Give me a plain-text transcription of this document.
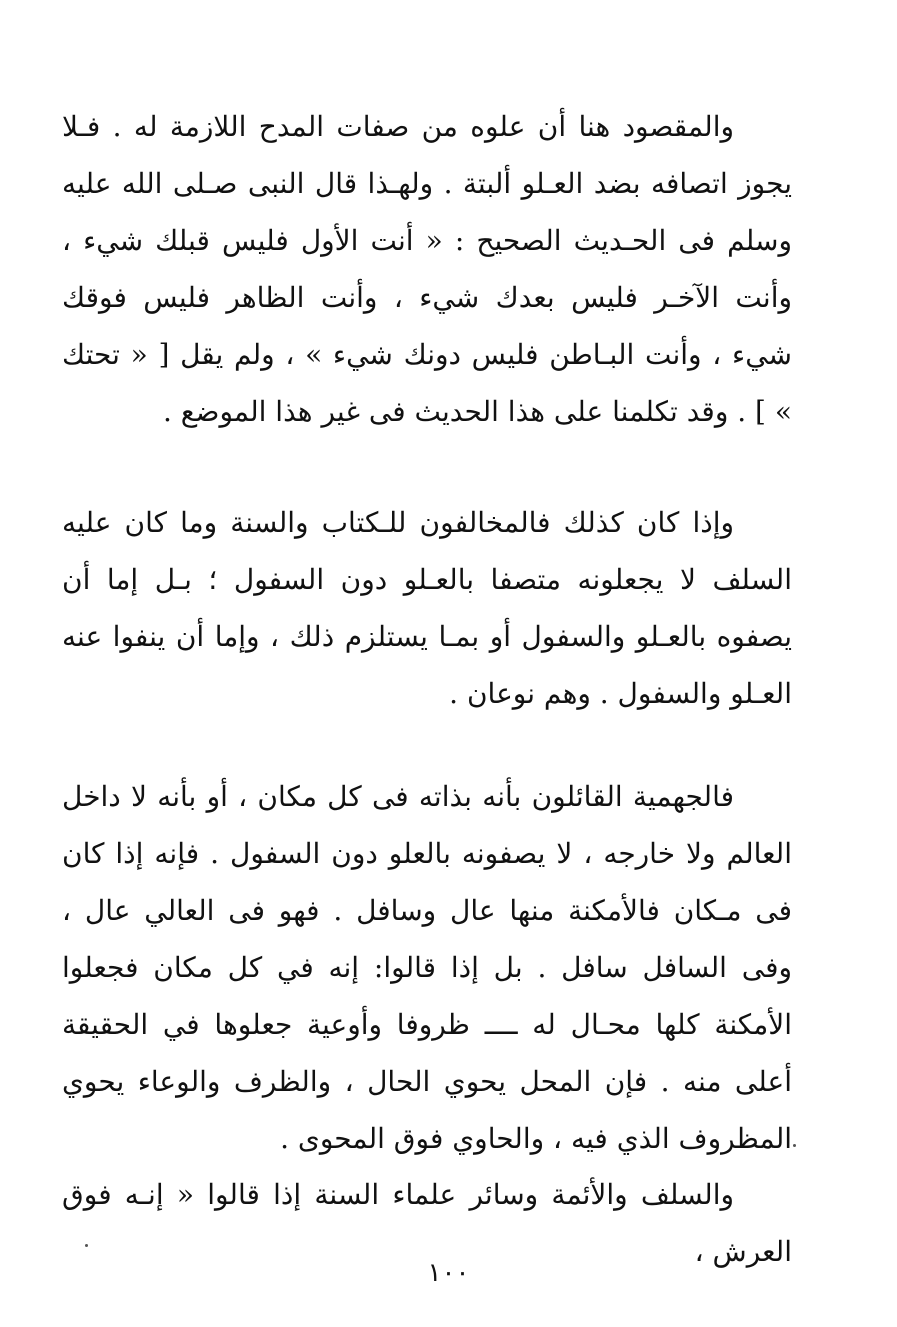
والمقصود هنا أن علوه من صفات المدح اللازمة له . فـلا يجوز اتصافه بضد العـلو ألبتة . ولهـذا قال النبى صـلى الله عليه وسلم فى الحـديث الصحيح : « أنت الأول فليس قبلك شيء ، وأنت الآخـر فليس بعدك شيء ، وأنت الظاهر فليس فوقك شيء ، وأنت البـاطن فليس دونك شيء » ، ولم يقل [ « تحتك » ] . وقد تكلمنا على هذا الحديث فى غير هذا الموضع .

وإذا كان كذلك فالمخالفون للـكتاب والسنة وما كان عليه السلف لا يجعلونه متصفا بالعـلو دون السفول ؛ بـل إما أن يصفوه بالعـلو والسفول أو بمـا يستلزم ذلك ، وإما أن ينفوا عنه العـلو والسفول . وهم نوعان .

فالجهمية القائلون بأنه بذاته فى كل مكان ، أو بأنه لا داخل العالم ولا خارجه ، لا يصفونه بالعلو دون السفول . فإنه إذا كان فى مـكان فالأمكنة منها عال وسافل . فهو فى العالي عال ، وفى السافل سافل . بل إذا قالوا: إنه في كل مكان فجعلوا الأمكنة كلها محـال له ــــ ظروفا وأوعية جعلوها في الحقيقة أعلى منه . فإن المحل يحوي الحال ، والظرف والوعاء يحوي المظروف الذي فيه ، والحاوي فوق المحوى .

والسلف والأئمة وسائر علماء السنة إذا قالوا « إنـه فوق العرش ،

١٠٠
